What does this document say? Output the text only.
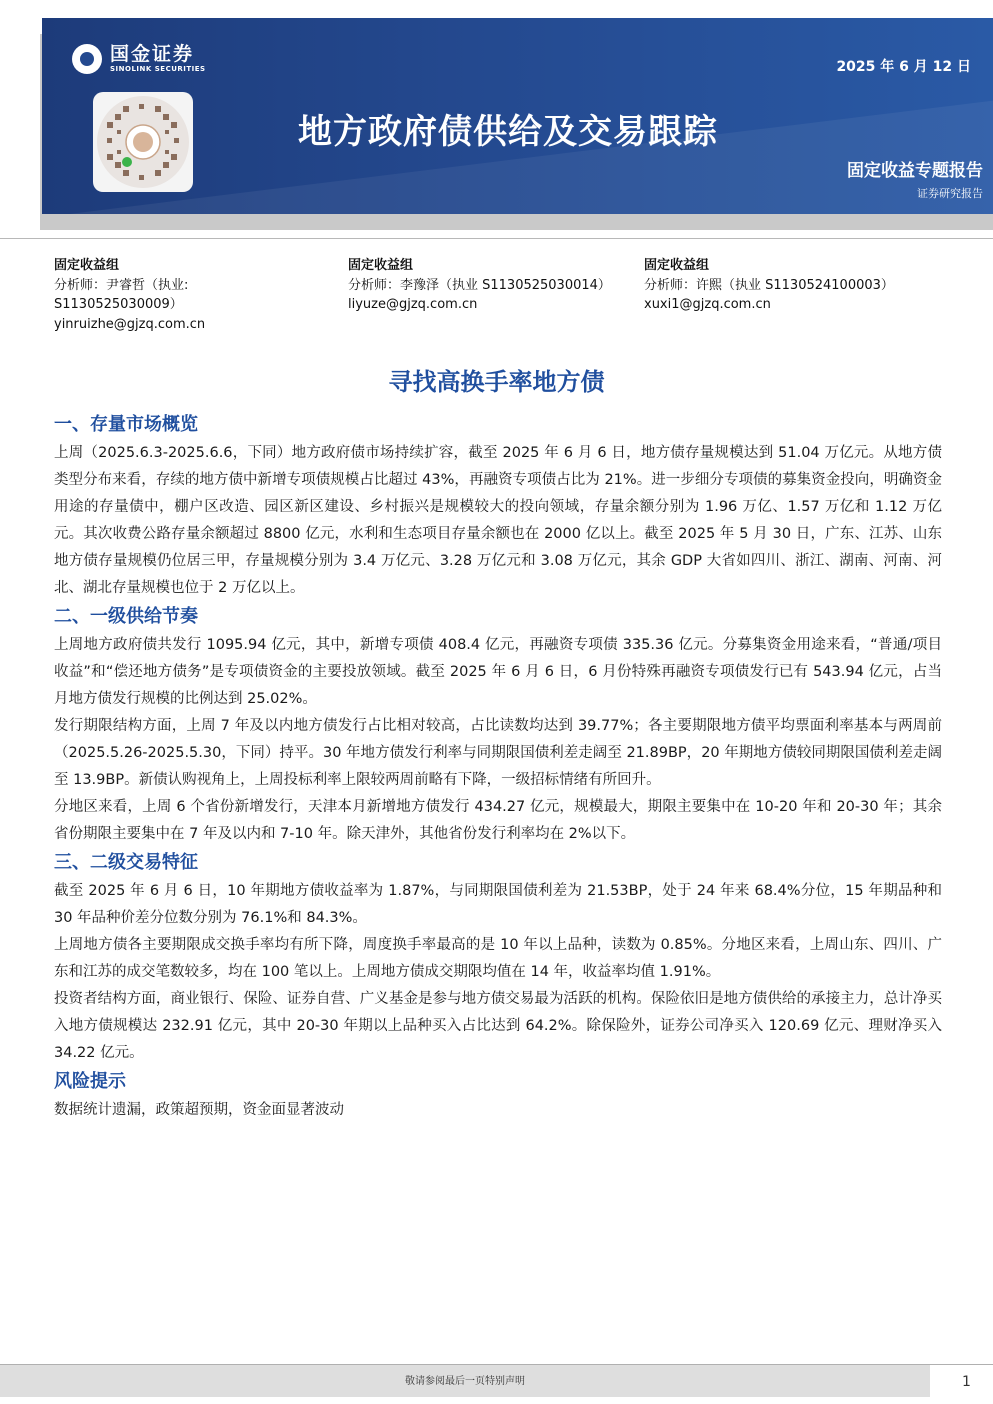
国金证券
SINOLINK SECURITIES	2025 年 6 月 12 日
地方政府债供给及交易跟踪
固定收益专题报告
证券研究报告
固定收益组
分析师：尹睿哲（执业:
S1130525030009）
yinruizhe@gjzq.com.cn
固定收益组
分析师：李豫泽（执业 S1130525030014）
liyuze@gjzq.com.cn
固定收益组
分析师：许熙（执业 S1130524100003）
xuxi1@gjzq.com.cn
寻找高换手率地方债
一、存量市场概览

上周（2025.6.3-2025.6.6，下同）地方政府债市场持续扩容，截至 2025 年 6 月 6 日，地方债存量规模达到 51.04 万亿元。从地方债类型分布来看，存续的地方债中新增专项债规模占比超过 43%，再融资专项债占比为 21%。进一步细分专项债的募集资金投向，明确资金用途的存量债中，棚户区改造、园区新区建设、乡村振兴是规模较大的投向领域，存量余额分别为 1.96 万亿、1.57 万亿和 1.12 万亿元。其次收费公路存量余额超过 8800 亿元，水利和生态项目存量余额也在 2000 亿以上。截至 2025 年 5 月 30 日，广东、江苏、山东地方债存量规模仍位居三甲，存量规模分别为 3.4 万亿元、3.28 万亿元和 3.08 万亿元，其余 GDP 大省如四川、浙江、湖南、河南、河北、湖北存量规模也位于 2 万亿以上。

二、一级供给节奏

上周地方政府债共发行 1095.94 亿元，其中，新增专项债 408.4 亿元，再融资专项债 335.36 亿元。分募集资金用途来看，“普通/项目收益”和“偿还地方债务”是专项债资金的主要投放领域。截至 2025 年 6 月 6 日，6 月份特殊再融资专项债发行已有 543.94 亿元，占当月地方债发行规模的比例达到 25.02%。

发行期限结构方面，上周 7 年及以内地方债发行占比相对较高，占比读数均达到 39.77%；各主要期限地方债平均票面利率基本与两周前（2025.5.26-2025.5.30，下同）持平。30 年地方债发行利率与同期限国债利差走阔至 21.89BP，20 年期地方债较同期限国债利差走阔至 13.9BP。新债认购视角上，上周投标利率上限较两周前略有下降，一级招标情绪有所回升。

分地区来看，上周 6 个省份新增发行，天津本月新增地方债发行 434.27 亿元，规模最大，期限主要集中在 10-20 年和 20-30 年；其余省份期限主要集中在 7 年及以内和 7-10 年。除天津外，其他省份发行利率均在 2%以下。

三、二级交易特征

截至 2025 年 6 月 6 日，10 年期地方债收益率为 1.87%，与同期限国债利差为 21.53BP，处于 24 年来 68.4%分位，15 年期品种和 30 年品种价差分位数分别为 76.1%和 84.3%。

上周地方债各主要期限成交换手率均有所下降，周度换手率最高的是 10 年以上品种，读数为 0.85%。分地区来看，上周山东、四川、广东和江苏的成交笔数较多，均在 100 笔以上。上周地方债成交期限均值在 14 年，收益率均值 1.91%。

投资者结构方面，商业银行、保险、证券自营、广义基金是参与地方债交易最为活跃的机构。保险依旧是地方债供给的承接主力，总计净买入地方债规模达 232.91 亿元，其中 20-30 年期以上品种买入占比达到 64.2%。除保险外，证券公司净买入 120.69 亿元、理财净买入 34.22 亿元。

风险提示

数据统计遗漏，政策超预期，资金面显著波动

敬请参阅最后一页特别声明	1
